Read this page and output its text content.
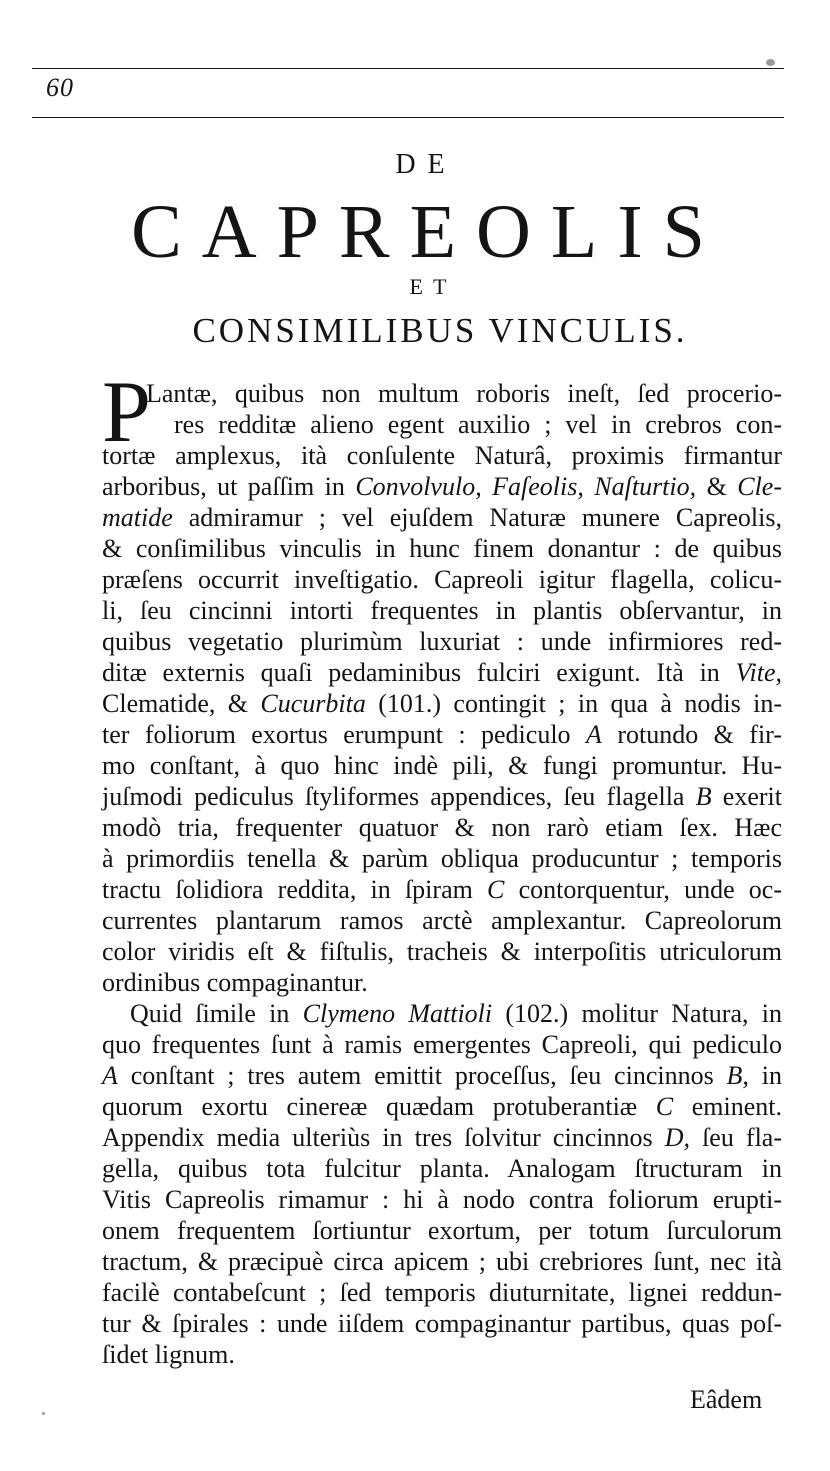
60
DE
CAPREOLIS
ET
CONSIMILIBUS VINCULIS.
P
Lantæ, quibus non multum roboris ineſt, ſed procerio-
res redditæ alieno egent auxilio ; vel in crebros con-
tortæ amplexus, ità conſulente Naturâ, proximis firmantur
arboribus, ut paſſim in Convolvulo, Faſeolis, Naſturtio, & Cle-
matide admiramur ; vel ejuſdem Naturæ munere Capreolis,
& conſimilibus vinculis in hunc finem donantur : de quibus
præſens occurrit inveſtigatio. Capreoli igitur flagella, colicu-
li, ſeu cincinni intorti frequentes in plantis obſervantur, in
quibus vegetatio plurimùm luxuriat : unde infirmiores red-
ditæ externis quaſi pedaminibus fulciri exigunt. Ità in Vite,
Clematide, & Cucurbita (101.) contingit ; in qua à nodis in-
ter foliorum exortus erumpunt : pediculo A rotundo & fir-
mo conſtant, à quo hinc indè pili, & fungi promuntur. Hu-
juſmodi pediculus ſtyliformes appendices, ſeu flagella B exerit
modò tria, frequenter quatuor & non rarò etiam ſex. Hæc
à primordiis tenella & parùm obliqua producuntur ; temporis
tractu ſolidiora reddita, in ſpiram C contorquentur, unde oc-
currentes plantarum ramos arctè amplexantur. Capreolorum
color viridis eſt & fiſtulis, tracheis & interpoſitis utriculorum
ordinibus compaginantur.
Quid ſimile in Clymeno Mattioli (102.) molitur Natura, in
quo frequentes ſunt à ramis emergentes Capreoli, qui pediculo
A conſtant ; tres autem emittit proceſſus, ſeu cincinnos B, in
quorum exortu cinereæ quædam protuberantiæ C eminent.
Appendix media ulteriùs in tres ſolvitur cincinnos D, ſeu fla-
gella, quibus tota fulcitur planta. Analogam ſtructuram in
Vitis Capreolis rimamur : hi à nodo contra foliorum erupti-
onem frequentem ſortiuntur exortum, per totum ſurculorum
tractum, & præcipuè circa apicem ; ubi crebriores ſunt, nec ità
facilè contabeſcunt ; ſed temporis diuturnitate, lignei reddun-
tur & ſpirales : unde iiſdem compaginantur partibus, quas poſ-
ſidet lignum.
Eâdem
